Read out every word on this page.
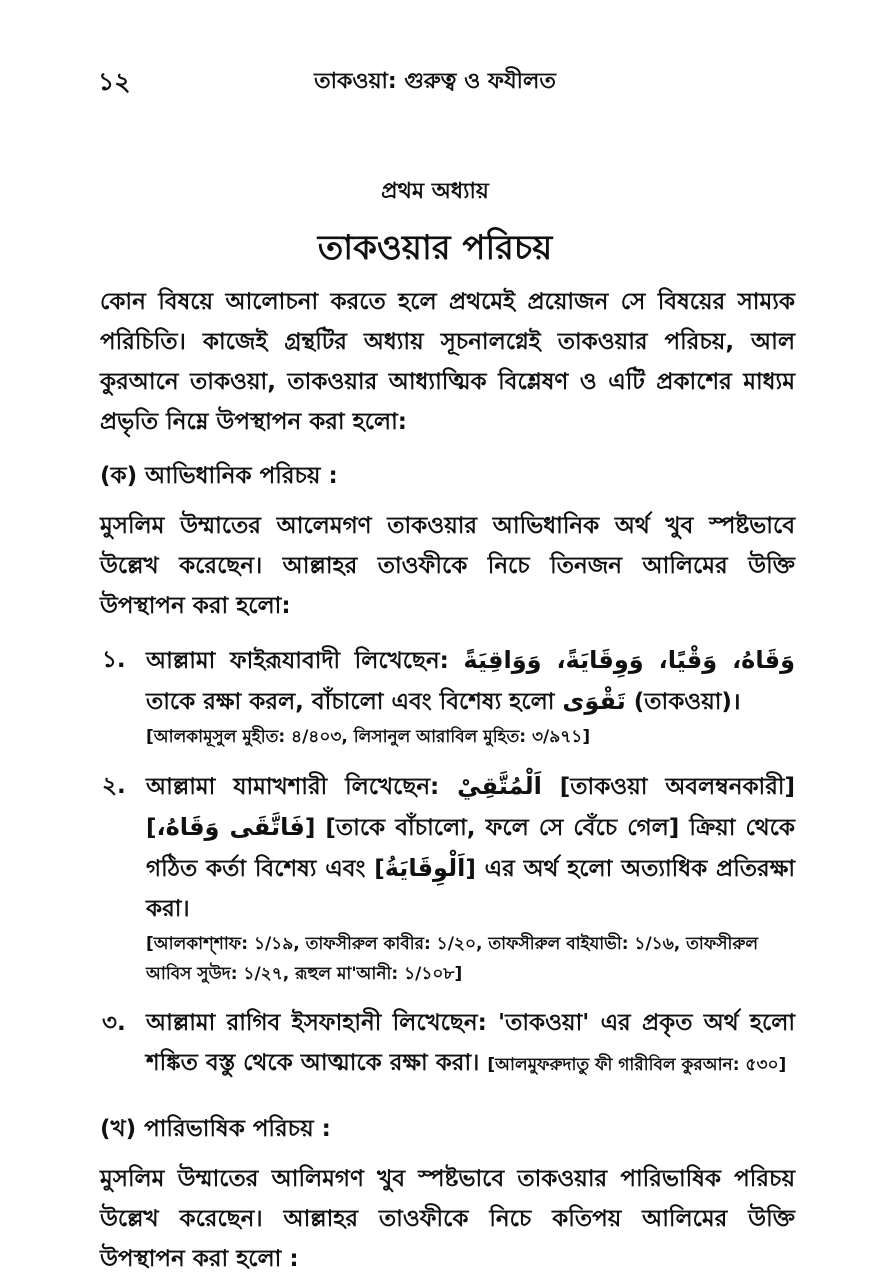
১২	তাকওয়া: গুরুত্ব ও ফযীলত
প্রথম অধ্যায়
তাকওয়ার পরিচয়

কোন বিষয়ে আলোচনা করতে হলে প্রথমেই প্রয়োজন সে বিষয়ের সাম্যক পরিচিতি। কাজেই গ্রন্থটির অধ্যায় সূচনালগ্নেই তাকওয়ার পরিচয়, আল কুরআনে তাকওয়া, তাকওয়ার আধ্যাত্মিক বিশ্লেষণ ও এটি প্রকাশের মাধ্যম প্রভৃতি নিম্নে উপস্থাপন করা হলো:

(ক) আভিধানিক পরিচয় :

মুসলিম উম্মাতের আলেমগণ তাকওয়ার আভিধানিক অর্থ খুব স্পষ্টভাবে উল্লেখ করেছেন। আল্লাহর তাওফীকে নিচে তিনজন আলিমের উক্তি উপস্থাপন করা হলো:

১. আল্লামা ফাইরূযাবাদী লিখেছেন: وَقَاهُ، وَقْيًا، وَوِقَايَةً، وَوَاقِيَةً তাকে রক্ষা করল, বাঁচালো এবং বিশেষ্য হলো تَقْوَى (তাকওয়া)।
[আলকামূসুল মুহীত: ৪/৪০৩, লিসানুল আরাবিল মুহিত: ৩/৯৭১]
২. আল্লামা যামাখশারী লিখেছেন: اَلْمُتَّقِيْ [তাকওয়া অবলম্বনকারী] [وَقَاهُ، فَاتَّقَى] [তাকে বাঁচালো, ফলে সে বেঁচে গেল] ক্রিয়া থেকে গঠিত কর্তা বিশেষ্য এবং [اَلْوِقَايَةُ] এর অর্থ হলো অত্যাধিক প্রতিরক্ষা করা।
[আলকাশ্শাফ: ১/১৯, তাফসীরুল কাবীর: ১/২০, তাফসীরুল বাইযাভী: ১/১৬, তাফসীরুল আবিস সুউদ: ১/২৭, রূহুল মা'আনী: ১/১০৮]
৩. আল্লামা রাগিব ইসফাহানী লিখেছেন: 'তাকওয়া' এর প্রকৃত অর্থ হলো শঙ্কিত বস্তু থেকে আত্মাকে রক্ষা করা। [আলমুফরুদাতু ফী গারীবিল কুরআন: ৫৩০]
(খ) পারিভাষিক পরিচয় :

মুসলিম উম্মাতের আলিমগণ খুব স্পষ্টভাবে তাকওয়ার পারিভাষিক পরিচয় উল্লেখ করেছেন। আল্লাহর তাওফীকে নিচে কতিপয় আলিমের উক্তি উপস্থাপন করা হলো :
